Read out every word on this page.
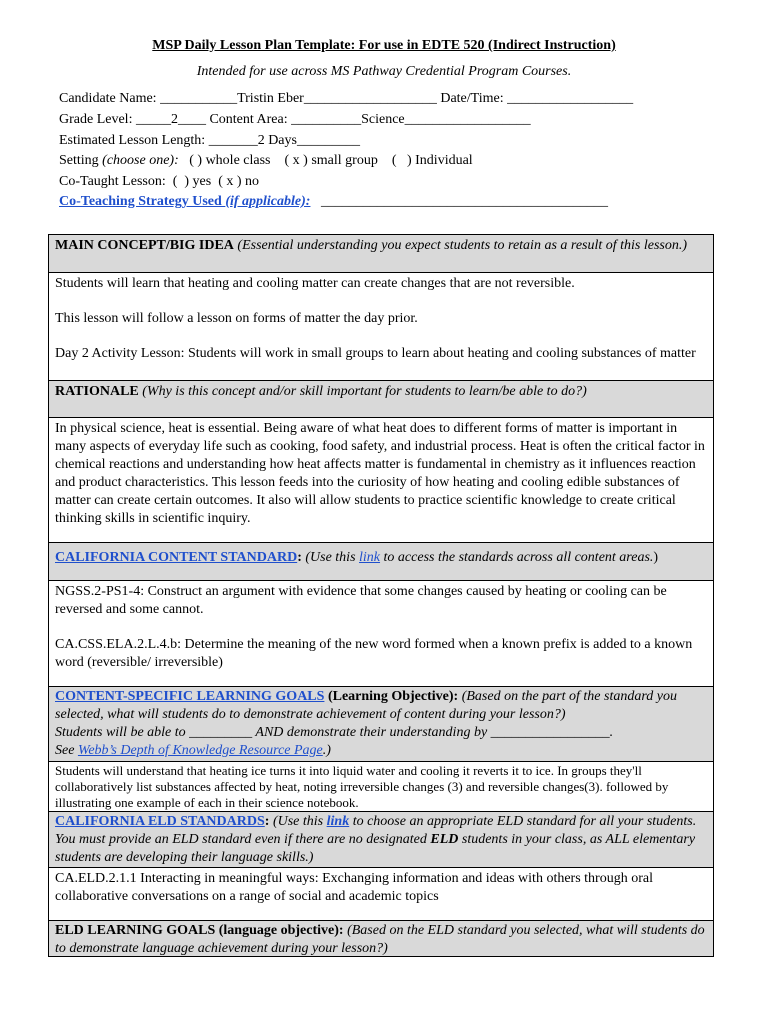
MSP Daily Lesson Plan Template: For use in EDTE 520 (Indirect Instruction)
Intended for use across MS Pathway Credential Program Courses.
Candidate Name: ___________Tristin Eber___________________ Date/Time: __________________
Grade Level: _____2____ Content Area: __________Science__________________
Estimated Lesson Length: _______2 Days_________
Setting (choose one):   ( ) whole class    ( x ) small group    (   ) Individual
Co-Taught Lesson:  (  ) yes  ( x ) no
Co-Teaching Strategy Used (if applicable):   _________________________________________
MAIN CONCEPT/BIG IDEA (Essential understanding you expect students to retain as a result of this lesson.)

Students will learn that heating and cooling matter can create changes that are not reversible.

This lesson will follow a lesson on forms of matter the day prior.

Day 2 Activity Lesson: Students will work in small groups to learn about heating and cooling substances of matter

RATIONALE (Why is this concept and/or skill important for students to learn/be able to do?)

In physical science, heat is essential. Being aware of what heat does to different forms of matter is important in many aspects of everyday life such as cooking, food safety, and industrial process. Heat is often the critical factor in chemical reactions and understanding how heat affects matter is fundamental in chemistry as it influences reaction and product characteristics. This lesson feeds into the curiosity of how heating and cooling edible substances of matter can create certain outcomes. It also will allow students to practice scientific knowledge to create critical thinking skills in scientific inquiry.

CALIFORNIA CONTENT STANDARD: (Use this link to access the standards across all content areas.)

NGSS.2-PS1-4: Construct an argument with evidence that some changes caused by heating or cooling can be reversed and some cannot.

CA.CSS.ELA.2.L.4.b: Determine the meaning of the new word formed when a known prefix is added to a known word (reversible/ irreversible)

CONTENT-SPECIFIC LEARNING GOALS (Learning Objective): (Based on the part of the standard you selected, what will students do to demonstrate achievement of content during your lesson?)
Students will be able to _________ AND demonstrate their understanding by _________________.
See Webb’s Depth of Knowledge Resource Page.)

Students will understand that heating ice turns it into liquid water and cooling it reverts it to ice. In groups they'll collaboratively list substances affected by heat, noting irreversible changes (3) and reversible changes(3). followed by illustrating one example of each in their science notebook.

CALIFORNIA ELD STANDARDS: (Use this link to choose an appropriate ELD standard for all your students. You must provide an ELD standard even if there are no designated ELD students in your class, as ALL elementary students are developing their language skills.)

CA.ELD.2.1.1 Interacting in meaningful ways: Exchanging information and ideas with others through oral collaborative conversations on a range of social and academic topics

ELD LEARNING GOALS (language objective): (Based on the ELD standard you selected, what will students do to demonstrate language achievement during your lesson?)
